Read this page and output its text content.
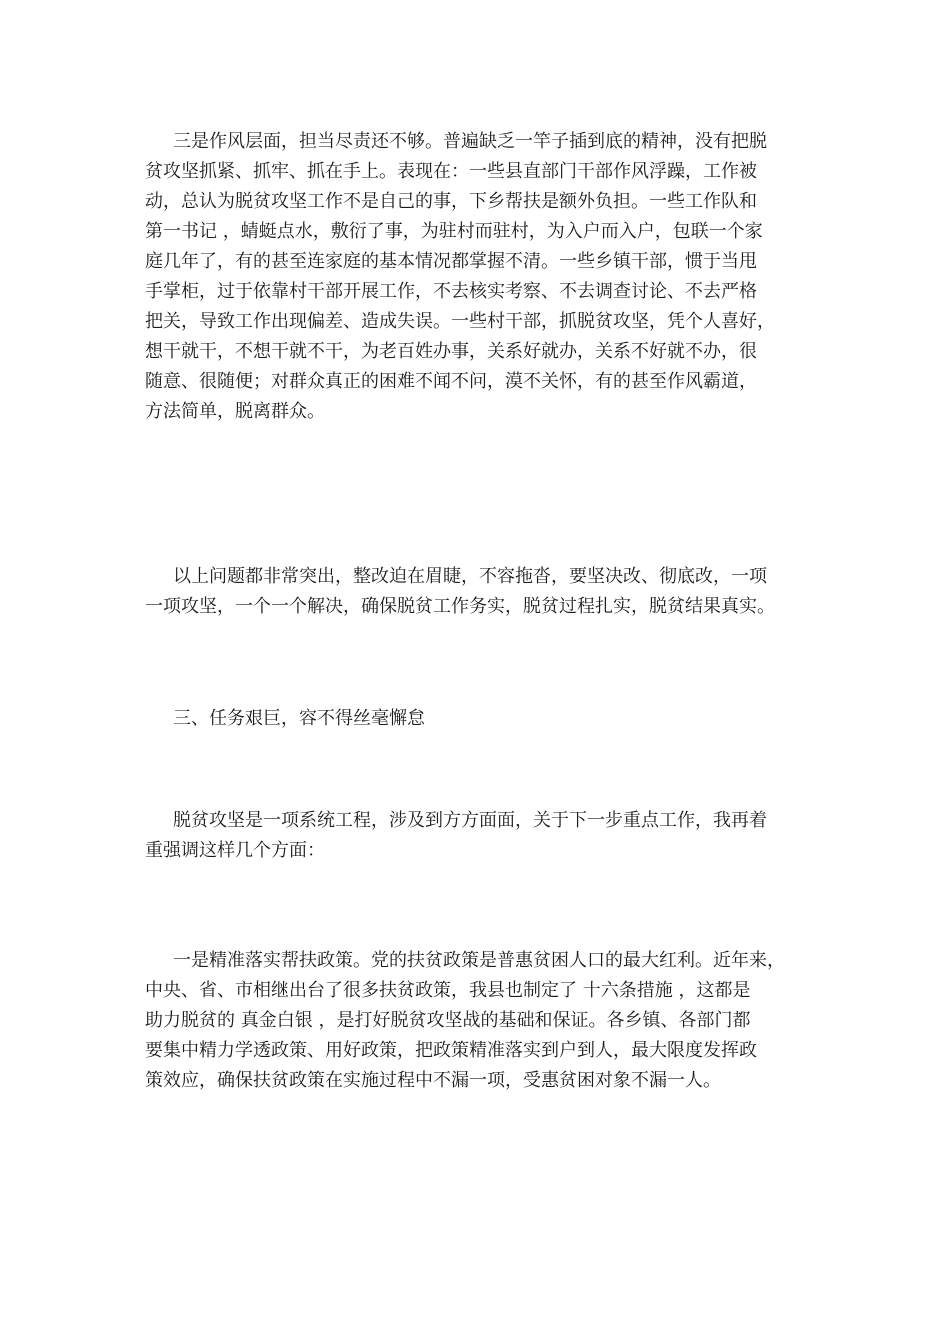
三是作风层面，担当尽责还不够。普遍缺乏一竿子插到底的精神，没有把脱
贫攻坚抓紧、抓牢、抓在手上。表现在：一些县直部门干部作风浮躁，工作被
动，总认为脱贫攻坚工作不是自己的事，下乡帮扶是额外负担。一些工作队和
第一书记 ，蜻蜓点水，敷衍了事，为驻村而驻村，为入户而入户，包联一个家
庭几年了，有的甚至连家庭的基本情况都掌握不清。一些乡镇干部，惯于当甩
手掌柜，过于依靠村干部开展工作，不去核实考察、不去调查讨论、不去严格
把关，导致工作出现偏差、造成失误。一些村干部，抓脱贫攻坚，凭个人喜好，
想干就干，不想干就不干，为老百姓办事，关系好就办，关系不好就不办，很
随意、很随便；对群众真正的困难不闻不问，漠不关怀，有的甚至作风霸道，
方法简单，脱离群众。
以上问题都非常突出，整改迫在眉睫，不容拖沓，要坚决改、彻底改，一项
一项攻坚，一个一个解决，确保脱贫工作务实，脱贫过程扎实，脱贫结果真实。
三、任务艰巨，容不得丝毫懈怠
脱贫攻坚是一项系统工程，涉及到方方面面，关于下一步重点工作，我再着
重强调这样几个方面：
一是精准落实帮扶政策。党的扶贫政策是普惠贫困人口的最大红利。近年来，
中央、省、市相继出台了很多扶贫政策，我县也制定了 十六条措施 ，这都是
助力脱贫的 真金白银 ，是打好脱贫攻坚战的基础和保证。各乡镇、各部门都
要集中精力学透政策、用好政策，把政策精准落实到户到人，最大限度发挥政
策效应，确保扶贫政策在实施过程中不漏一项，受惠贫困对象不漏一人。
